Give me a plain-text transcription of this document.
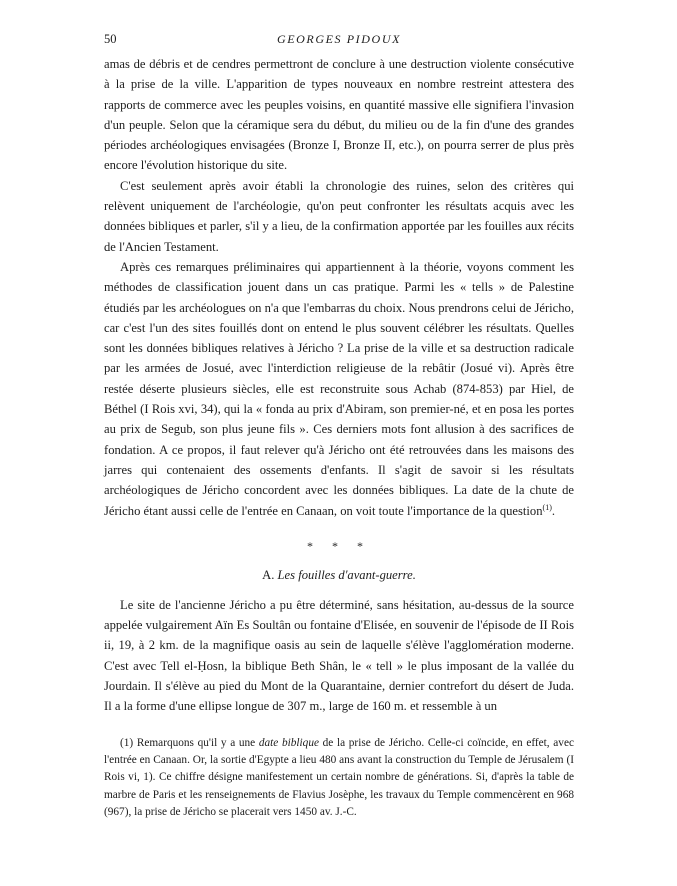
50	GEORGES PIDOUX

amas de débris et de cendres permettront de conclure à une destruction violente consécutive à la prise de la ville. L'apparition de types nouveaux en nombre restreint attestera des rapports de commerce avec les peuples voisins, en quantité massive elle signifiera l'invasion d'un peuple. Selon que la céramique sera du début, du milieu ou de la fin d'une des grandes périodes archéologiques envisagées (Bronze I, Bronze II, etc.), on pourra serrer de plus près encore l'évolution historique du site.

C'est seulement après avoir établi la chronologie des ruines, selon des critères qui relèvent uniquement de l'archéologie, qu'on peut confronter les résultats acquis avec les données bibliques et parler, s'il y a lieu, de la confirmation apportée par les fouilles aux récits de l'Ancien Testament.

Après ces remarques préliminaires qui appartiennent à la théorie, voyons comment les méthodes de classification jouent dans un cas pratique. Parmi les « tells » de Palestine étudiés par les archéologues on n'a que l'embarras du choix. Nous prendrons celui de Jéricho, car c'est l'un des sites fouillés dont on entend le plus souvent célébrer les résultats. Quelles sont les données bibliques relatives à Jéricho ? La prise de la ville et sa destruction radicale par les armées de Josué, avec l'interdiction religieuse de la rebâtir (Josué vi). Après être restée déserte plusieurs siècles, elle est reconstruite sous Achab (874-853) par Hiel, de Béthel (I Rois xvi, 34), qui la « fonda au prix d'Abiram, son premier-né, et en posa les portes au prix de Segub, son plus jeune fils ». Ces derniers mots font allusion à des sacrifices de fondation. A ce propos, il faut relever qu'à Jéricho ont été retrouvées dans les maisons des jarres qui contenaient des ossements d'enfants. Il s'agit de savoir si les résultats archéologiques de Jéricho concordent avec les données bibliques. La date de la chute de Jéricho étant aussi celle de l'entrée en Canaan, on voit toute l'importance de la question$^{(1)}$.

* * *
A. Les fouilles d'avant-guerre.

Le site de l'ancienne Jéricho a pu être déterminé, sans hésitation, au-dessus de la source appelée vulgairement Aïn Es Soultân ou fontaine d'Elisée, en souvenir de l'épisode de II Rois ii, 19, à 2 km. de la magnifique oasis au sein de laquelle s'élève l'agglomération moderne. C'est avec Tell el-Ḥosn, la biblique Beth Shân, le « tell » le plus imposant de la vallée du Jourdain. Il s'élève au pied du Mont de la Quarantaine, dernier contrefort du désert de Juda. Il a la forme d'une ellipse longue de 307 m., large de 160 m. et ressemble à un

(1) Remarquons qu'il y a une date biblique de la prise de Jéricho. Celle-ci coïncide, en effet, avec l'entrée en Canaan. Or, la sortie d'Egypte a lieu 480 ans avant la construction du Temple de Jérusalem (I Rois vi, 1). Ce chiffre désigne manifestement un certain nombre de générations. Si, d'après la table de marbre de Paris et les renseignements de Flavius Josèphe, les travaux du Temple commencèrent en 968 (967), la prise de Jéricho se placerait vers 1450 av. J.-C.
